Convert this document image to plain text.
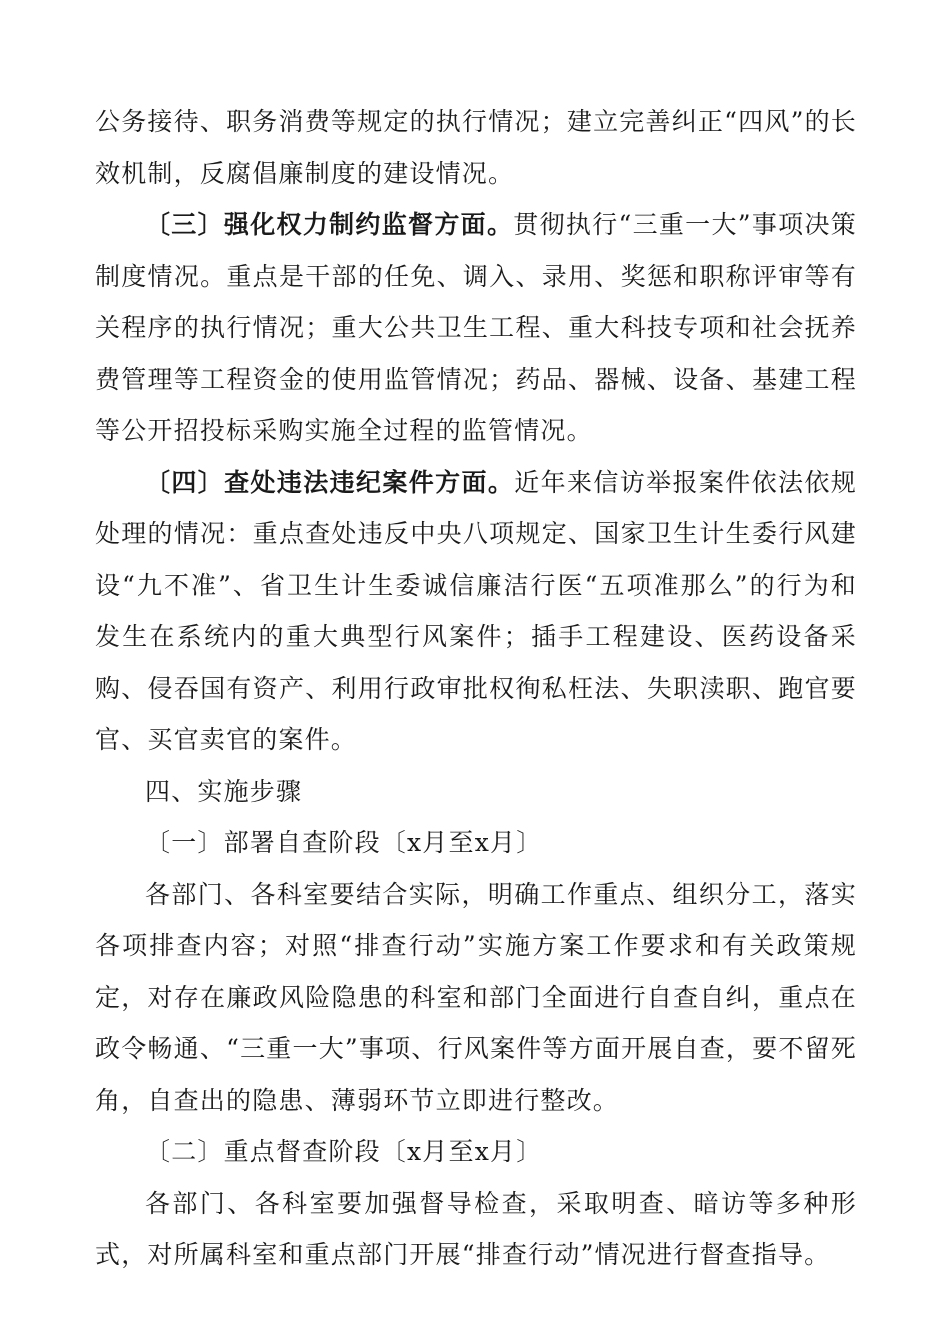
公务接待、职务消费等规定的执行情况；建立完善纠正“四风”的长效机制，反腐倡廉制度的建设情况。

〔三〕强化权力制约监督方面。贯彻执行“三重一大”事项决策制度情况。重点是干部的任免、调入、录用、奖惩和职称评审等有关程序的执行情况；重大公共卫生工程、重大科技专项和社会抚养费管理等工程资金的使用监管情况；药品、器械、设备、基建工程等公开招投标采购实施全过程的监管情况。

〔四〕查处违法违纪案件方面。近年来信访举报案件依法依规处理的情况：重点查处违反中央八项规定、国家卫生计生委行风建设“九不准”、省卫生计生委诚信廉洁行医“五项准那么”的行为和发生在系统内的重大典型行风案件；插手工程建设、医药设备采购、侵吞国有资产、利用行政审批权徇私枉法、失职渎职、跑官要官、买官卖官的案件。

四、实施步骤

〔一〕部署自查阶段〔x月至x月〕

各部门、各科室要结合实际，明确工作重点、组织分工，落实各项排查内容；对照“排查行动”实施方案工作要求和有关政策规定，对存在廉政风险隐患的科室和部门全面进行自查自纠，重点在政令畅通、“三重一大”事项、行风案件等方面开展自查，要不留死角，自查出的隐患、薄弱环节立即进行整改。

〔二〕重点督查阶段〔x月至x月〕

各部门、各科室要加强督导检查，采取明查、暗访等多种形式，对所属科室和重点部门开展“排查行动”情况进行督查指导。
